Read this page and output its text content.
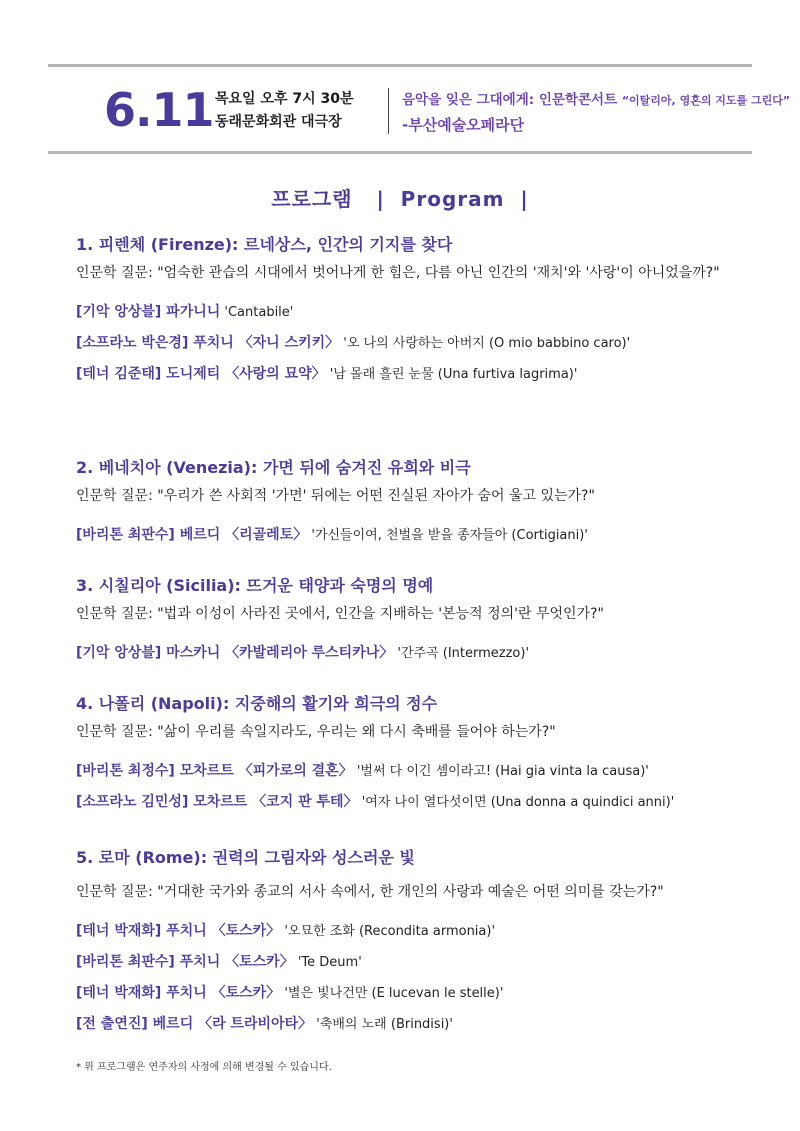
6.11 목요일 오후 7시 30분
동래문화회관 대극장
음악을 잊은 그대에게: 인문학콘서트 “이탈리아, 영혼의 지도를 그린다”
-부산예술오페라단
프로그램   |  Program  |
1. 피렌체 (Firenze): 르네상스, 인간의 기지를 찾다
인문학 질문: "엄숙한 관습의 시대에서 벗어나게 한 힘은, 다름 아닌 인간의 '재치'와 '사랑'이 아니었을까?"
[기악 앙상블] 파가니니 'Cantabile'
[소프라노 박은경] 푸치니 〈자니 스키키〉 '오 나의 사랑하는 아버지 (O mio babbino caro)'
[테너 김준태] 도니제티 〈사랑의 묘약〉 '남 몰래 흘린 눈물 (Una furtiva lagrima)'
2. 베네치아 (Venezia): 가면 뒤에 숨겨진 유희와 비극
인문학 질문: "우리가 쓴 사회적 '가면' 뒤에는 어떤 진실된 자아가 숨어 울고 있는가?"
[바리톤 최판수] 베르디 〈리골레토〉 '가신들이여, 천벌을 받을 종자들아 (Cortigiani)'
3. 시칠리아 (Sicilia): 뜨거운 태양과 숙명의 명예
인문학 질문: "법과 이성이 사라진 곳에서, 인간을 지배하는 '본능적 정의'란 무엇인가?"
[기악 앙상블] 마스카니 〈카발레리아 루스티카나〉 '간주곡 (Intermezzo)'
4. 나폴리 (Napoli): 지중해의 활기와 희극의 정수
인문학 질문: "삶이 우리를 속일지라도, 우리는 왜 다시 축배를 들어야 하는가?"
[바리톤 최정수] 모차르트 〈피가로의 결혼〉 '벌써 다 이긴 셈이라고! (Hai gia vinta la causa)'
[소프라노 김민성] 모차르트 〈코지 판 투테〉 '여자 나이 열다섯이면 (Una donna a quindici anni)'
5. 로마 (Rome): 권력의 그림자와 성스러운 빛
인문학 질문: "거대한 국가와 종교의 서사 속에서, 한 개인의 사랑과 예술은 어떤 의미를 갖는가?"
[테너 박재화] 푸치니 〈토스카〉 '오묘한 조화 (Recondita armonia)'
[바리톤 최판수] 푸치니 〈토스카〉 'Te Deum'
[테너 박재화] 푸치니 〈토스카〉 '별은 빛나건만 (E lucevan le stelle)'
[전 출연진] 베르디 〈라 트라비아타〉 '축배의 노래 (Brindisi)'
* 위 프로그램은 연주자의 사정에 의해 변경될 수 있습니다.
